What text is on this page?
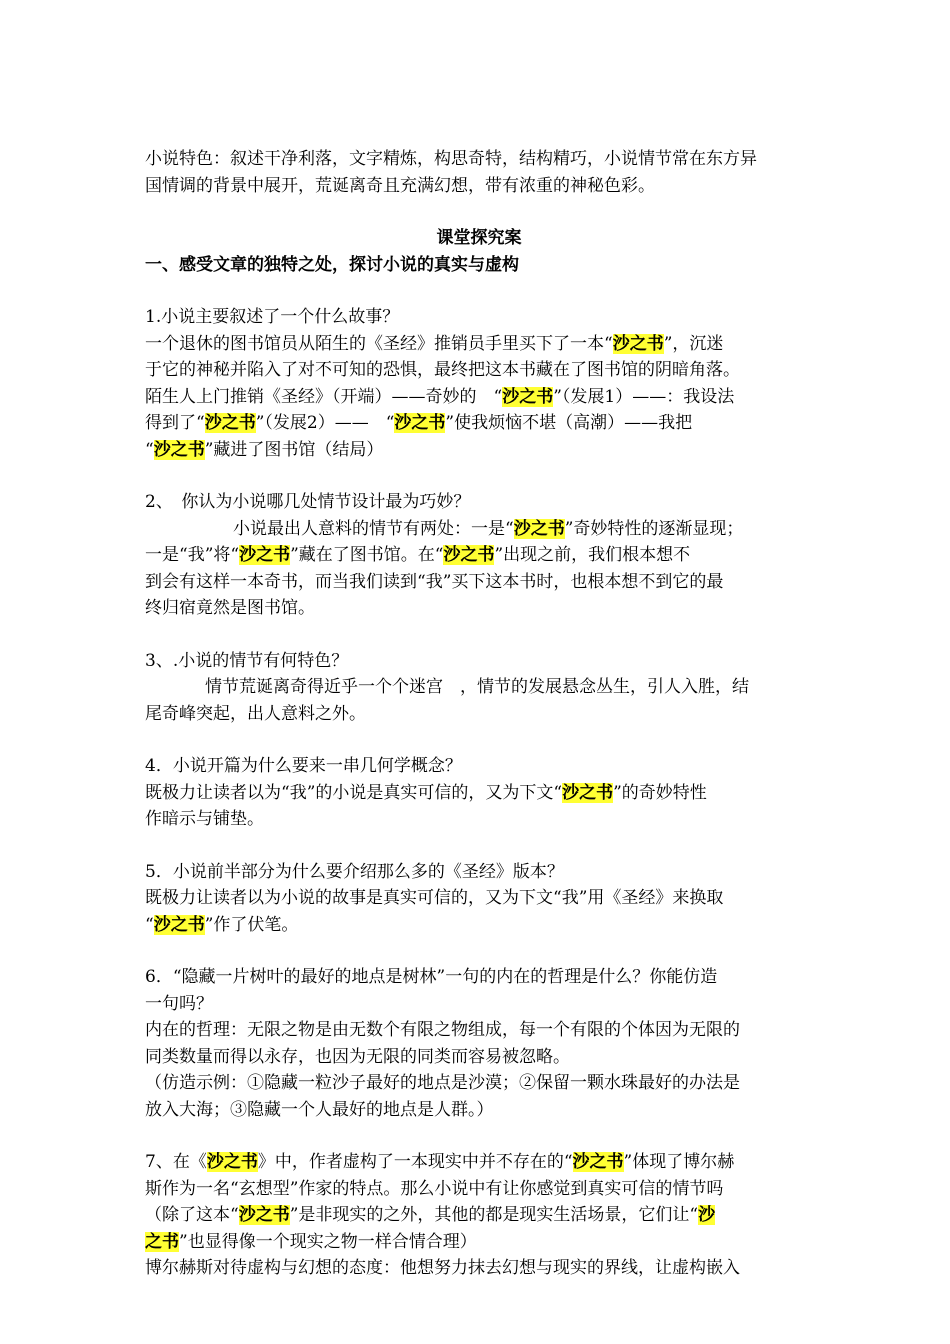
小说特色：叙述干净利落，文字精炼，构思奇特，结构精巧，小说情节常在东方异
国情调的背景中展开，荒诞离奇且充满幻想，带有浓重的神秘色彩。

课堂探究案

一、感受文章的独特之处，探讨小说的真实与虚构

1.小说主要叙述了一个什么故事？

一个退休的图书馆员从陌生的《圣经》推销员手里买下了一本“沙之书”，沉迷
于它的神秘并陷入了对不可知的恐惧，最终把这本书藏在了图书馆的阴暗角落。
陌生人上门推销《圣经》（开端）——奇妙的　“沙之书”（发展1）——：我设法
得到了“沙之书”（发展2）——　“沙之书”使我烦恼不堪（高潮）——我把
“沙之书”藏进了图书馆（结局）

2、　你认为小说哪几处情节设计最为巧妙？

小说最出人意料的情节有两处：一是“沙之书”奇妙特性的逐渐显现；
一是“我”将“沙之书”藏在了图书馆。在“沙之书”出现之前，我们根本想不
到会有这样一本奇书，而当我们读到“我”买下这本书时，也根本想不到它的最
终归宿竟然是图书馆。

3、.小说的情节有何特色？

情节荒诞离奇得近乎一个个迷宫　，情节的发展悬念丛生，引人入胜，结
尾奇峰突起，出人意料之外。

4．小说开篇为什么要来一串几何学概念？

既极力让读者以为“我”的小说是真实可信的，又为下文“沙之书”的奇妙特性
作暗示与铺垫。

5．小说前半部分为什么要介绍那么多的《圣经》版本？

既极力让读者以为小说的故事是真实可信的，又为下文“我”用《圣经》来换取
“沙之书”作了伏笔。

6．“隐藏一片树叶的最好的地点是树林”一句的内在的哲理是什么？你能仿造
一句吗？

内在的哲理：无限之物是由无数个有限之物组成，每一个有限的个体因为无限的
同类数量而得以永存，也因为无限的同类而容易被忽略。
（仿造示例：①隐藏一粒沙子最好的地点是沙漠；②保留一颗水珠最好的办法是
放入大海；③隐藏一个人最好的地点是人群。）

7、在《沙之书》中，作者虚构了一本现实中并不存在的“沙之书”体现了博尔赫
斯作为一名“玄想型”作家的特点。那么小说中有让你感觉到真实可信的情节吗
（除了这本“沙之书”是非现实的之外，其他的都是现实生活场景，它们让“沙
之书”也显得像一个现实之物一样合情合理）

博尔赫斯对待虚构与幻想的态度：他想努力抹去幻想与现实的界线，让虚构嵌入
